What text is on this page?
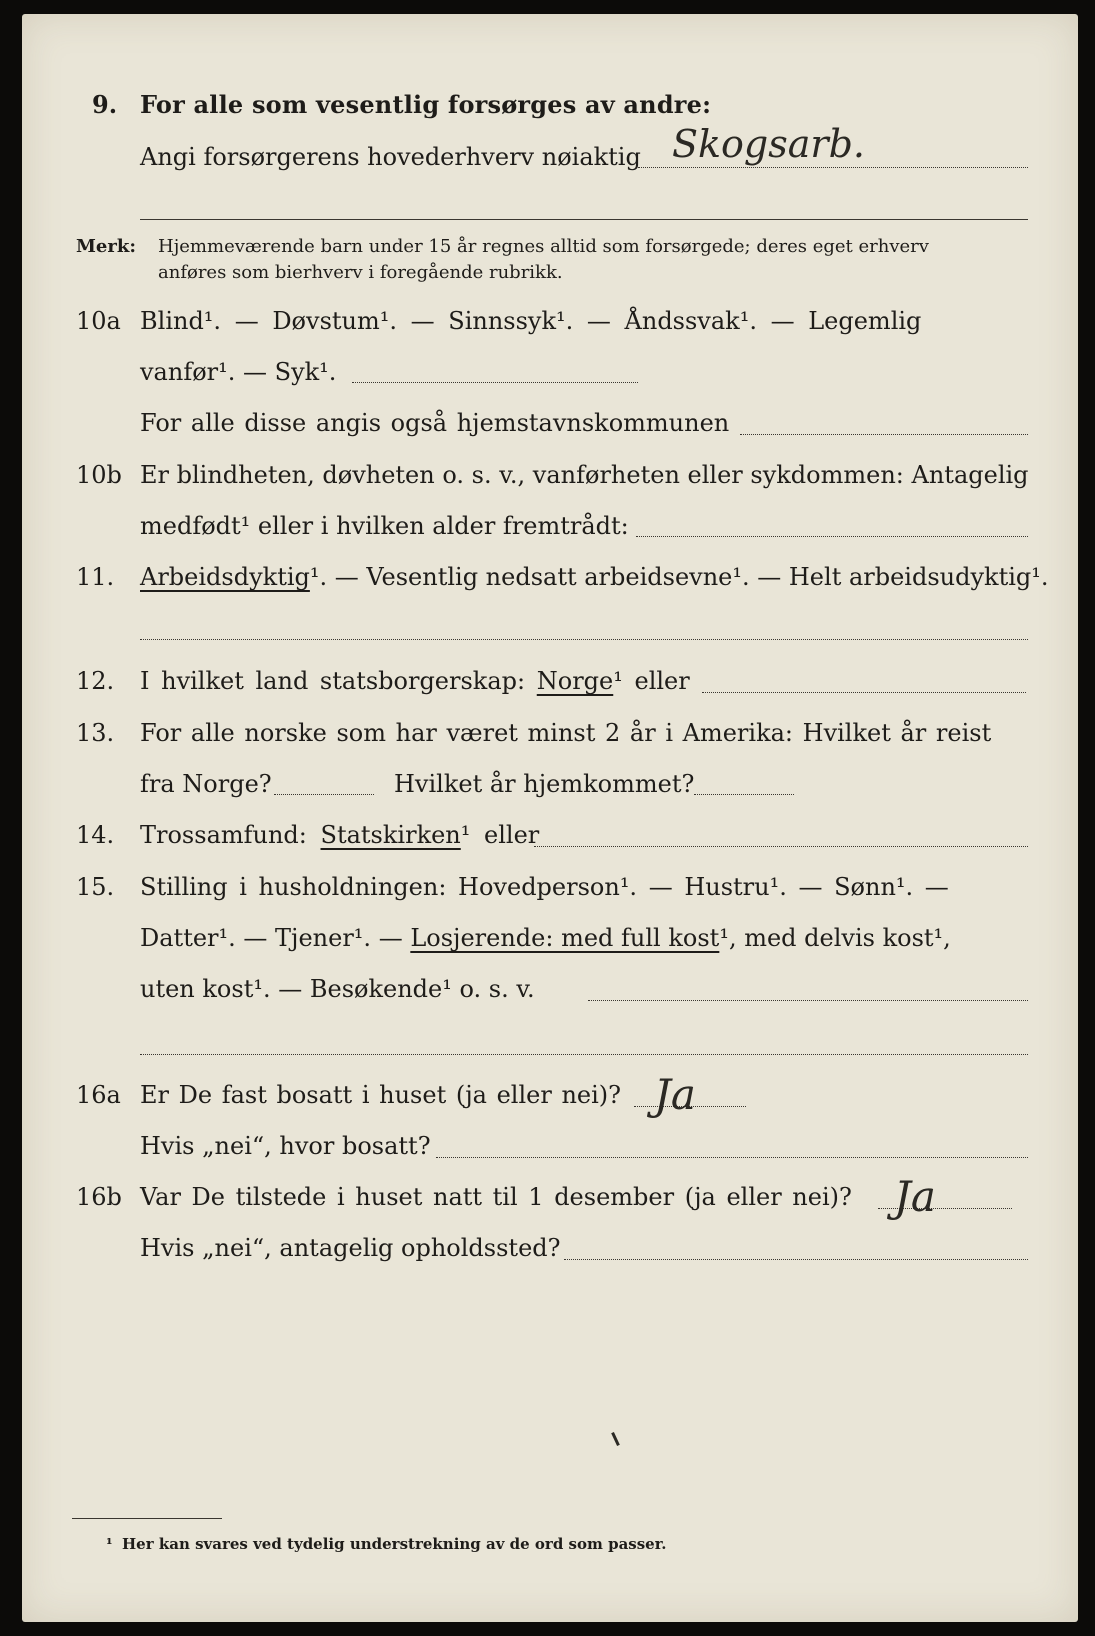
9. For alle som vesentlig forsørges av andre:
Angi forsørgerens hovederhverv nøiaktig Skogsarb.
Merk: Hjemmeværende barn under 15 år regnes alltid som forsørgede; deres eget erhverv
anføres som bierhverv i foregående rubrikk.
10a Blind¹. — Døvstum¹. — Sinnssyk¹. — Åndssvak¹. — Legemlig
vanfør¹. — Syk¹.
For alle disse angis også hjemstavnskommunen
10b Er blindheten, døvheten o. s. v., vanførheten eller sykdommen: Antagelig
medfødt¹ eller i hvilken alder fremtrådt:
11. Arbeidsdyktig¹. — Vesentlig nedsatt arbeidsevne¹. — Helt arbeidsudyktig¹.
12. I hvilket land statsborgerskap: Norge¹ eller
13. For alle norske som har været minst 2 år i Amerika: Hvilket år reist
fra Norge?	Hvilket år hjemkommet?
14. Trossamfund: Statskirken¹ eller
15. Stilling i husholdningen: Hovedperson¹. — Hustru¹. — Sønn¹. —
Datter¹. — Tjener¹. — Losjerende: med full kost¹, med delvis kost¹,
uten kost¹. — Besøkende¹ o. s. v.
16a Er De fast bosatt i huset (ja eller nei)? Ja
Hvis „nei“, hvor bosatt?
16b Var De tilstede i huset natt til 1 desember (ja eller nei)? Ja
Hvis „nei“, antagelig opholdssted?
¹ Her kan svares ved tydelig understrekning av de ord som passer.
